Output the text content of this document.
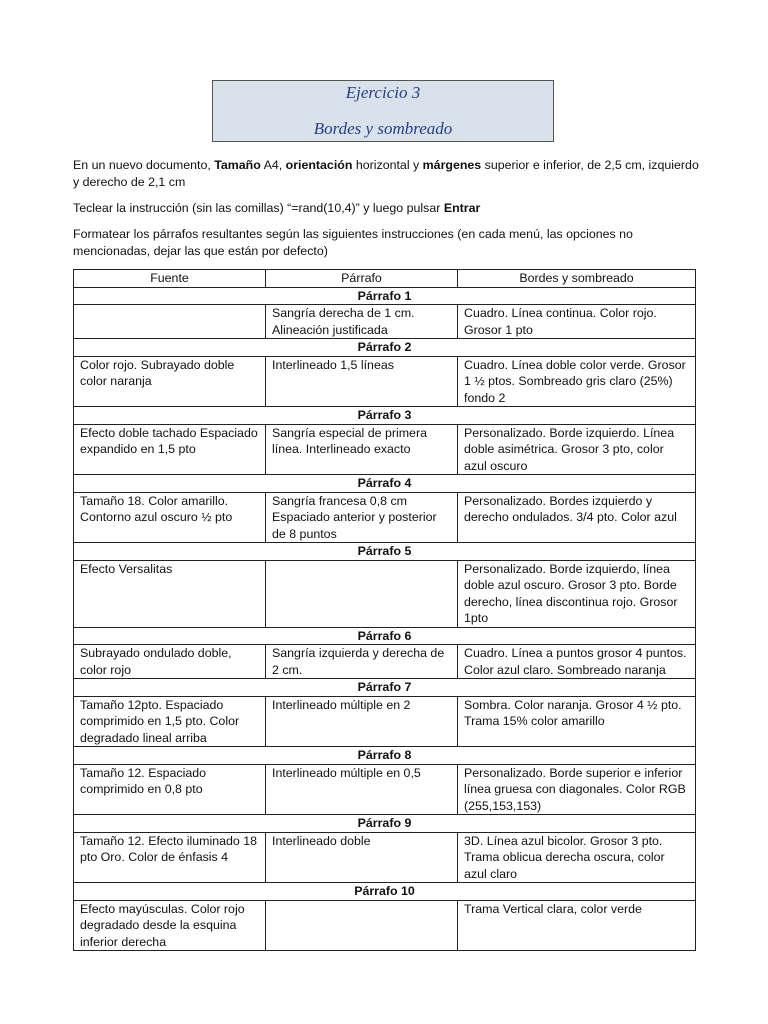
Ejercicio 3
Bordes y sombreado
En un nuevo documento, Tamaño A4, orientación horizontal y márgenes superior e inferior, de 2,5 cm, izquierdo y derecho de 2,1 cm
Teclear la instrucción (sin las comillas) “=rand(10,4)” y luego pulsar Entrar
Formatear los párrafos resultantes según las siguientes instrucciones (en cada menú, las opciones no mencionadas, dejar las que están por defecto)
Fuente	Párrafo	Bordes y sombreado
Párrafo 1		
	Sangría derecha de 1 cm. Alineación justificada	Cuadro. Línea continua. Color rojo. Grosor 1 pto
Párrafo 2		
Color rojo. Subrayado doble color naranja	Interlineado 1,5 líneas	Cuadro. Línea doble color verde. Grosor 1 ½ ptos. Sombreado gris claro (25%) fondo 2
Párrafo 3		
Efecto doble tachado Espaciado expandido en 1,5 pto	Sangría especial de primera línea. Interlineado exacto	Personalizado. Borde izquierdo. Línea doble asimétrica. Grosor 3 pto, color azul oscuro
Párrafo 4		
Tamaño 18. Color amarillo. Contorno azul oscuro ½ pto	Sangría francesa 0,8 cm Espaciado anterior y posterior de 8 puntos	Personalizado. Bordes izquierdo y derecho ondulados. 3/4 pto. Color azul
Párrafo 5		
Efecto Versalitas		Personalizado. Borde izquierdo, línea doble azul oscuro. Grosor 3 pto. Borde derecho, línea discontinua rojo. Grosor 1pto
Párrafo 6		
Subrayado ondulado doble, color rojo	Sangría izquierda y derecha de 2 cm.	Cuadro. Línea a puntos grosor 4 puntos. Color azul claro. Sombreado naranja
Párrafo 7		
Tamaño 12pto. Espaciado comprimido en 1,5 pto. Color degradado lineal arriba	Interlineado múltiple en 2	Sombra. Color naranja. Grosor 4 ½ pto. Trama 15% color amarillo
Párrafo 8		
Tamaño 12. Espaciado comprimido en 0,8 pto	Interlineado múltiple en 0,5	Personalizado. Borde superior e inferior línea gruesa con diagonales. Color RGB (255,153,153)
Párrafo 9		
Tamaño 12. Efecto iluminado 18 pto Oro. Color de énfasis 4	Interlineado doble	3D. Línea azul bicolor. Grosor 3 pto. Trama oblicua derecha oscura, color azul claro
Párrafo 10		
Efecto mayúsculas. Color rojo degradado desde la esquina inferior derecha		Trama Vertical clara, color verde
